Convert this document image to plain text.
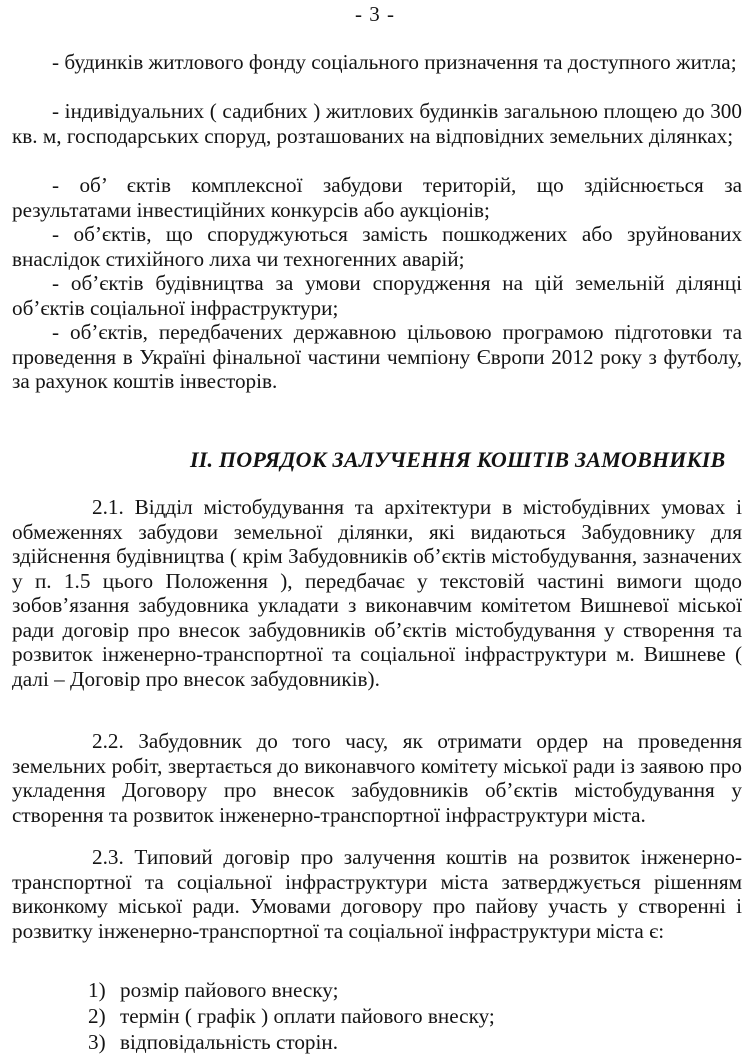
- 3 -
- будинків житлового фонду соціального призначення та доступного житла;
- індивідуальних ( садибних ) житлових будинків загальною площею до 300 кв. м, господарських споруд, розташованих на відповідних земельних ділянках;
- об’ єктів комплексної забудови територій, що здійснюється за результатами інвестиційних конкурсів або аукціонів;
- об’єктів, що споруджуються замість пошкоджених або зруйнованих внаслідок стихійного лиха чи техногенних аварій;
- об’єктів будівництва за умови спорудження на цій земельній ділянці об’єктів соціальної інфраструктури;
- об’єктів, передбачених державною цільовою програмою підготовки та проведення в Україні фінальної частини чемпіону Європи 2012 року з футболу, за рахунок коштів інвесторів.
ІІ. ПОРЯДОК ЗАЛУЧЕННЯ КОШТІВ ЗАМОВНИКІВ
2.1. Відділ містобудування та архітектури в містобудівних умовах і обмеженнях забудови земельної ділянки, які видаються Забудовнику для здійснення будівництва ( крім Забудовників об’єктів містобудування, зазначених у п. 1.5 цього Положення ), передбачає у текстовій частині вимоги щодо зобов’язання забудовника укладати з виконавчим комітетом Вишневої міської ради договір про внесок забудовників об’єктів містобудування у створення та розвиток інженерно-транспортної та соціальної інфраструктури м. Вишневе ( далі – Договір про внесок забудовників).
2.2. Забудовник до того часу, як отримати ордер на проведення земельних робіт, звертається до виконавчого комітету міської ради із заявою про укладення Договору про внесок забудовників об’єктів містобудування у створення та розвиток інженерно-транспортної інфраструктури міста.
2.3. Типовий договір про залучення коштів на розвиток інженерно-транспортної та соціальної інфраструктури міста затверджується рішенням виконкому міської ради. Умовами договору про пайову участь у створенні і розвитку інженерно-транспортної та соціальної інфраструктури міста є:
1) розмір пайового внеску;
2) термін ( графік ) оплати пайового внеску;
3) відповідальність сторін.
